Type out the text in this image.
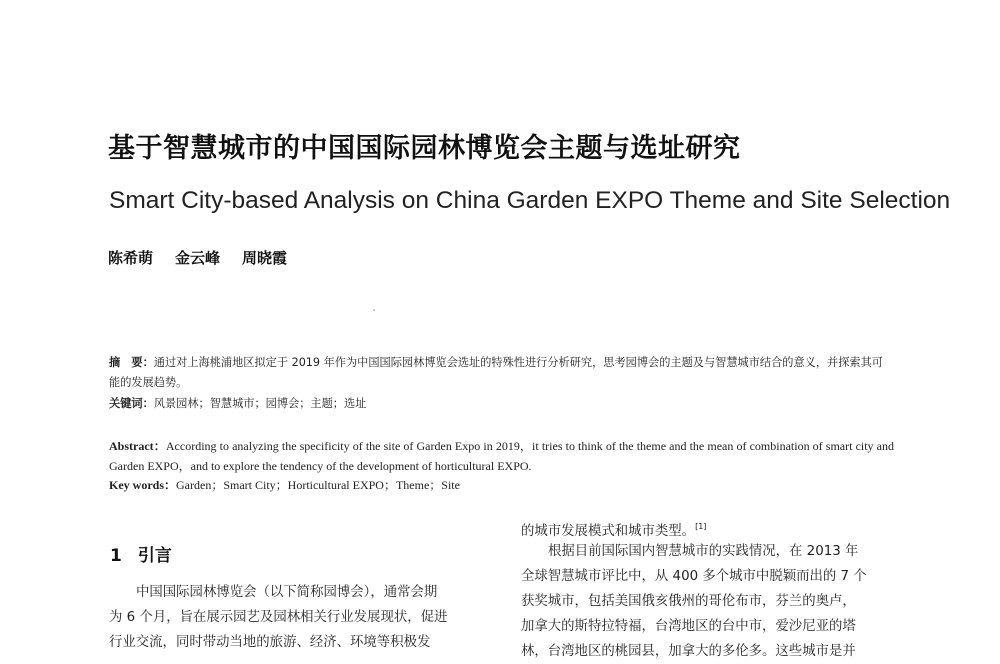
基于智慧城市的中国国际园林博览会主题与选址研究
Smart City-based Analysis on China Garden EXPO Theme and Site Selection
陈希萌 金云峰 周晓霞
摘　要：通过对上海桃浦地区拟定于 2019 年作为中国国际园林博览会选址的特殊性进行分析研究，思考园博会的主题及与智慧城市结合的意义，并探索其可能的发展趋势。
关键词：风景园林；智慧城市；园博会；主题；选址
Abstract：According to analyzing the specificity of the site of Garden Expo in 2019，it tries to think of the theme and the mean of combination of smart city and Garden EXPO，and to explore the tendency of the development of horticultural EXPO.
Key words：Garden；Smart City；Horticultural EXPO；Theme；Site
1 引言
中国国际园林博览会（以下简称园博会），通常会期
为 6 个月，旨在展示园艺及园林相关行业发展现状，促进
行业交流，同时带动当地的旅游、经济、环境等积极发
的城市发展模式和城市类型。[1]
根据目前国际国内智慧城市的实践情况，在 2013 年
全球智慧城市评比中，从 400 多个城市中脱颖而出的 7 个
获奖城市，包括美国俄亥俄州的哥伦布市，芬兰的奥卢，
加拿大的斯特拉特福，台湾地区的台中市，爱沙尼亚的塔
林，台湾地区的桃园县，加拿大的多伦多。这些城市是并
